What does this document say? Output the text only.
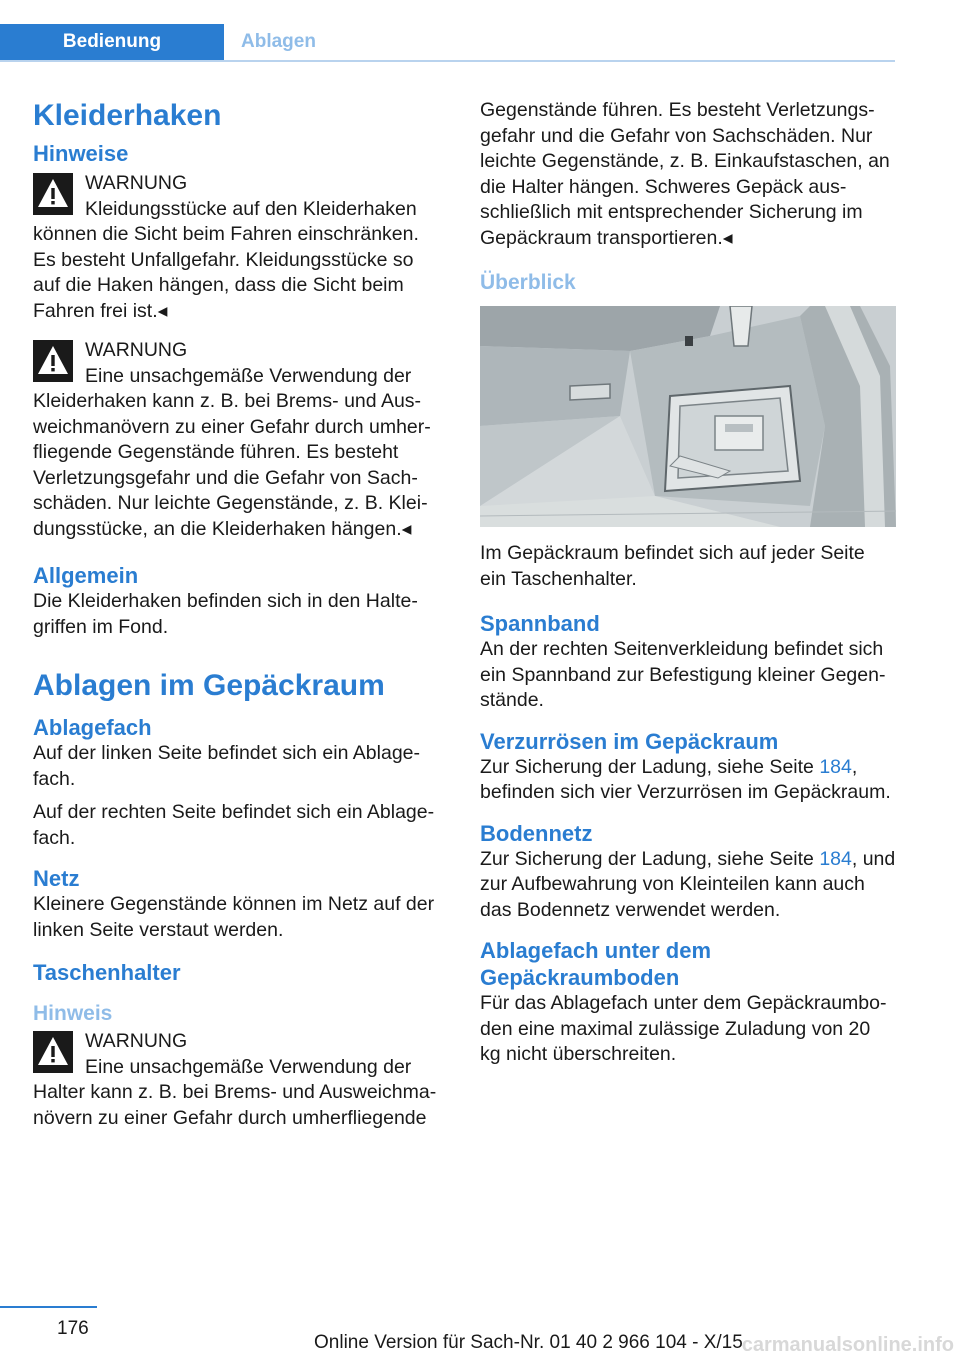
Bedienung	Ablagen
Kleiderhaken
Hinweise
WARNUNG
Kleidungsstücke auf den Kleiderhaken
können die Sicht beim Fahren einschränken. Es besteht Unfallgefahr. Kleidungsstücke so auf die Haken hängen, dass die Sicht beim Fahren frei ist.◂
WARNUNG
Eine unsachgemäße Verwendung der
Kleiderhaken kann z. B. bei Brems- und Ausweichmanövern zu einer Gefahr durch umherfliegende Gegenstände führen. Es besteht Verletzungsgefahr und die Gefahr von Sachschäden. Nur leichte Gegenstände, z. B. Kleidungsstücke, an die Kleiderhaken hängen.◂
Allgemein

Die Kleiderhaken befinden sich in den Haltegriffen im Fond.

Ablagen im Gepäckraum
Ablagefach

Auf der linken Seite befindet sich ein Ablagefach.

Auf der rechten Seite befindet sich ein Ablagefach.

Netz

Kleinere Gegenstände können im Netz auf der linken Seite verstaut werden.

Taschenhalter
Hinweis
WARNUNG
Eine unsachgemäße Verwendung der
Halter kann z. B. bei Brems- und Ausweichmanövern zu einer Gefahr durch umherfliegende

Gegenstände führen. Es besteht Verletzungsgefahr und die Gefahr von Sachschäden. Nur leichte Gegenstände, z. B. Einkaufstaschen, an die Halter hängen. Schweres Gepäck ausschließlich mit entsprechender Sicherung im Gepäckraum transportieren.◂

Überblick

Im Gepäckraum befindet sich auf jeder Seite ein Taschenhalter.

Spannband

An der rechten Seitenverkleidung befindet sich ein Spannband zur Befestigung kleiner Gegenstände.

Verzurrösen im Gepäckraum

Zur Sicherung der Ladung, siehe Seite 184, befinden sich vier Verzurrösen im Gepäckraum.

Bodennetz

Zur Sicherung der Ladung, siehe Seite 184, und zur Aufbewahrung von Kleinteilen kann auch das Bodennetz verwendet werden.

Ablagefach unter dem Gepäckraumboden

Für das Ablagefach unter dem Gepäckraumboden eine maximal zulässige Zuladung von 20 kg nicht überschreiten.

176
Online Version für Sach-Nr. 01 40 2 966 104 - X/15
carmanualsonline.info
